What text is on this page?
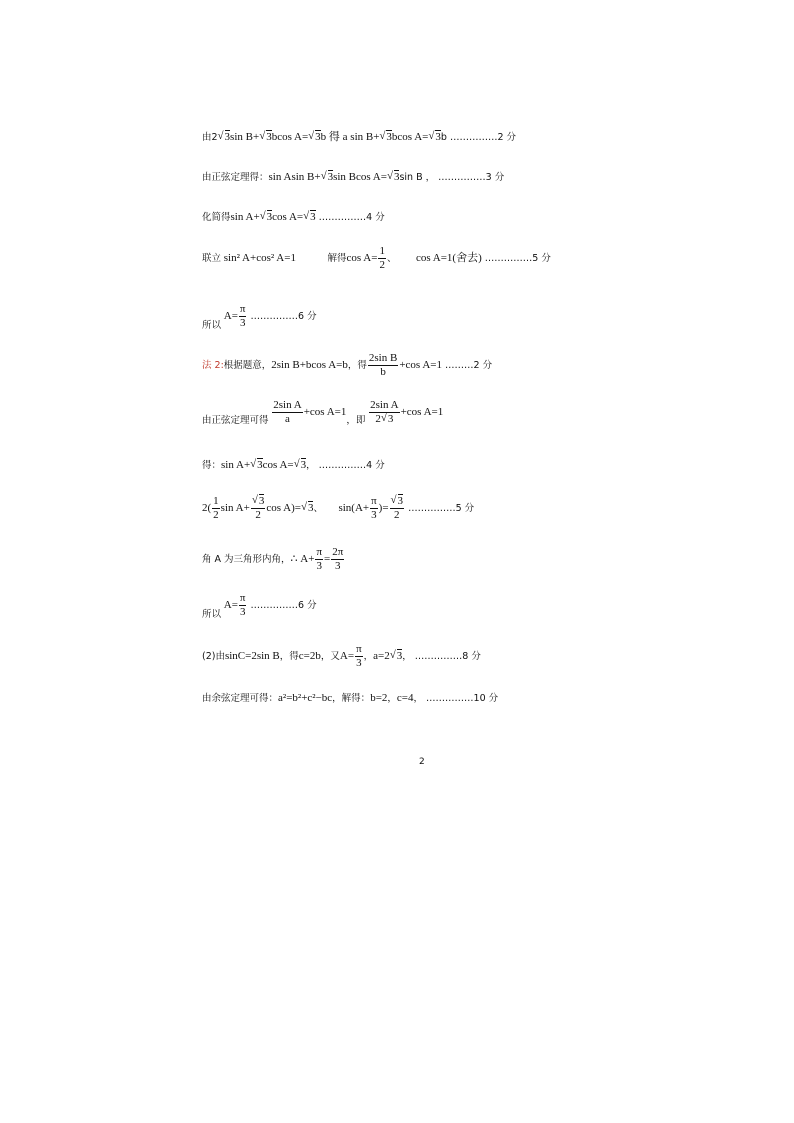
由2 √ 3sin B+ √ 3bcos A= √ 3b 得 a sin B+ √ 3bcos A= √ 3b ……………2 分
由正弦定理得：sin Asin B+ √ 3sin Bcos A= √ 3sin B ， ……………3 分
化简得sin A+ √ 3cos A= √ 3 ……………4 分
联立 sin² A+cos² A=1	解得$\cos A= \frac{1}{2}$ 、 cos A=1(舍去) ……………5 分
所以 $A= \frac{\pi}{3}$ ……………6 分
法 2:根据题意，2sin B+bcos A=b，得 $\frac{\text{2sin B}}{b} +\cos$ A=1 ………2 分
由正弦定理可得 $\frac{\text{2sin A}}{a} +\cos$ A=1，即 $\frac{\text{2sin A}}{2 √ 3} +\cos$ A=1
得：sin A+ √ 3cos A= √ 3， ……………4 分
$2( \frac{1}{2}$ sin A+ √ $\frac{3}{2}$ cos A)= √ 3、 $\sin(A+ \frac{\pi}{3}$ )= √ $\frac{3}{2}$ ……………5 分
角 A 为三角形内角，∴ $A+ \frac{\pi}{3} = \frac{2\pi}{3}$
所以 $A= \frac{\pi}{3}$ ……………6 分
(2)由sinC=2sin B，得c=2b，又$A= \frac{\pi}{3}$ ，a=2 √ 3， ……………8 分
由余弦定理可得：a²=b²+c²−bc，解得：b=2，c=4， ……………10 分
2
